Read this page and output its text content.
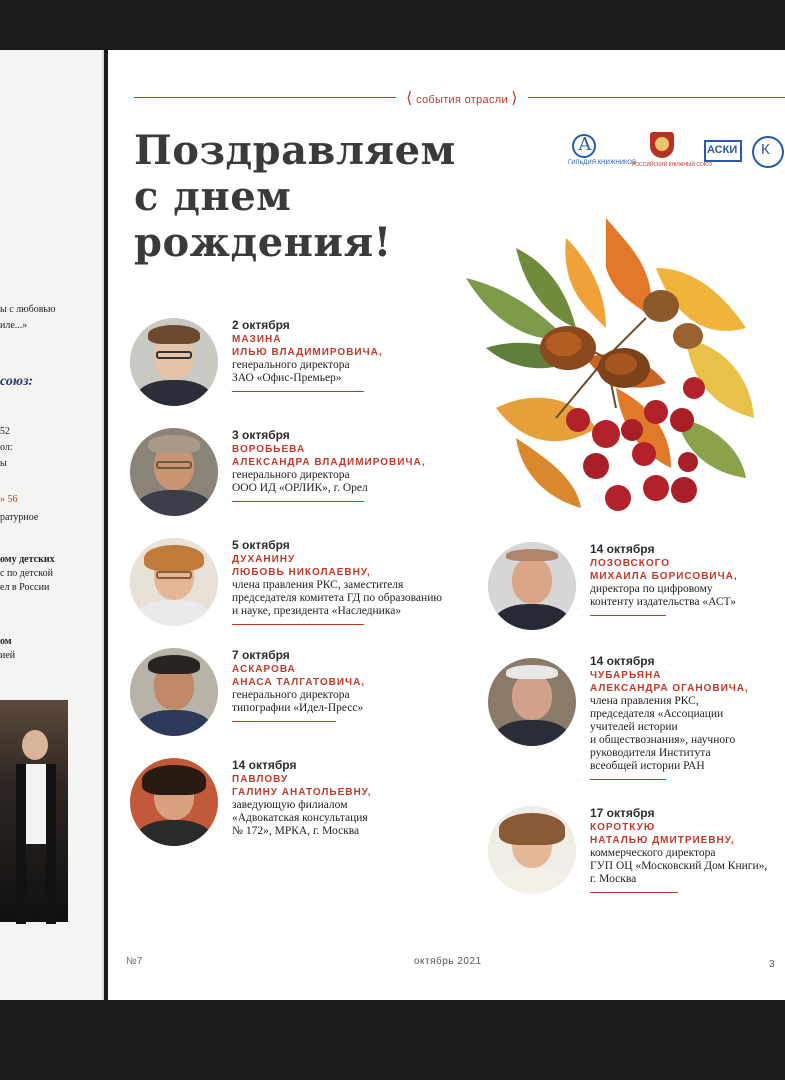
ы с любовью
иле...»
союз:
52
ол:
ы
» 56
ратурное
ому детских
с по детской
ел в России
ом
ией
⟨ события отрасли ⟩
Поздравляем
с днем
рождения!
А
ГИЛЬДИЯ КНИЖНИКОВ
РОССИЙСКИЙ КНИЖНЫЙ СОЮЗ
АСКИ К
2 октября
МАЗИНА
ИЛЬЮ ВЛАДИМИРОВИЧА,
генерального директора
ЗАО «Офис-Премьер»
3 октября
ВОРОБЬЕВА
АЛЕКСАНДРА ВЛАДИМИРОВИЧА,
генерального директора
ООО ИД «ОРЛИК», г. Орел
5 октября
ДУХАНИНУ
ЛЮБОВЬ НИКОЛАЕВНУ,
члена правления РКС, заместителя
председателя комитета ГД по образованию
и науке, президента «Наследника»
7 октября
АСКАРОВА
АНАСА ТАЛГАТОВИЧА,
генерального директора
типографии «Идел-Пресс»
14 октября
ПАВЛОВУ
ГАЛИНУ АНАТОЛЬЕВНУ,
заведующую филиалом
«Адвокатская консультация
№ 172», МРКА, г. Москва
14 октября
ЛОЗОВСКОГО
МИХАИЛА БОРИСОВИЧА,
директора по цифровому
контенту издательства «АСТ»
14 октября
ЧУБАРЬЯНА
АЛЕКСАНДРА ОГАНОВИЧА,
члена правления РКС,
председателя «Ассоциации
учителей истории
и обществознания», научного
руководителя Института
всеобщей истории РАН
17 октября
КОРОТКУЮ
НАТАЛЬЮ ДМИТРИЕВНУ,
коммерческого директора
ГУП ОЦ «Московский Дом Книги»,
г. Москва
№7	октябрь 2021	3
